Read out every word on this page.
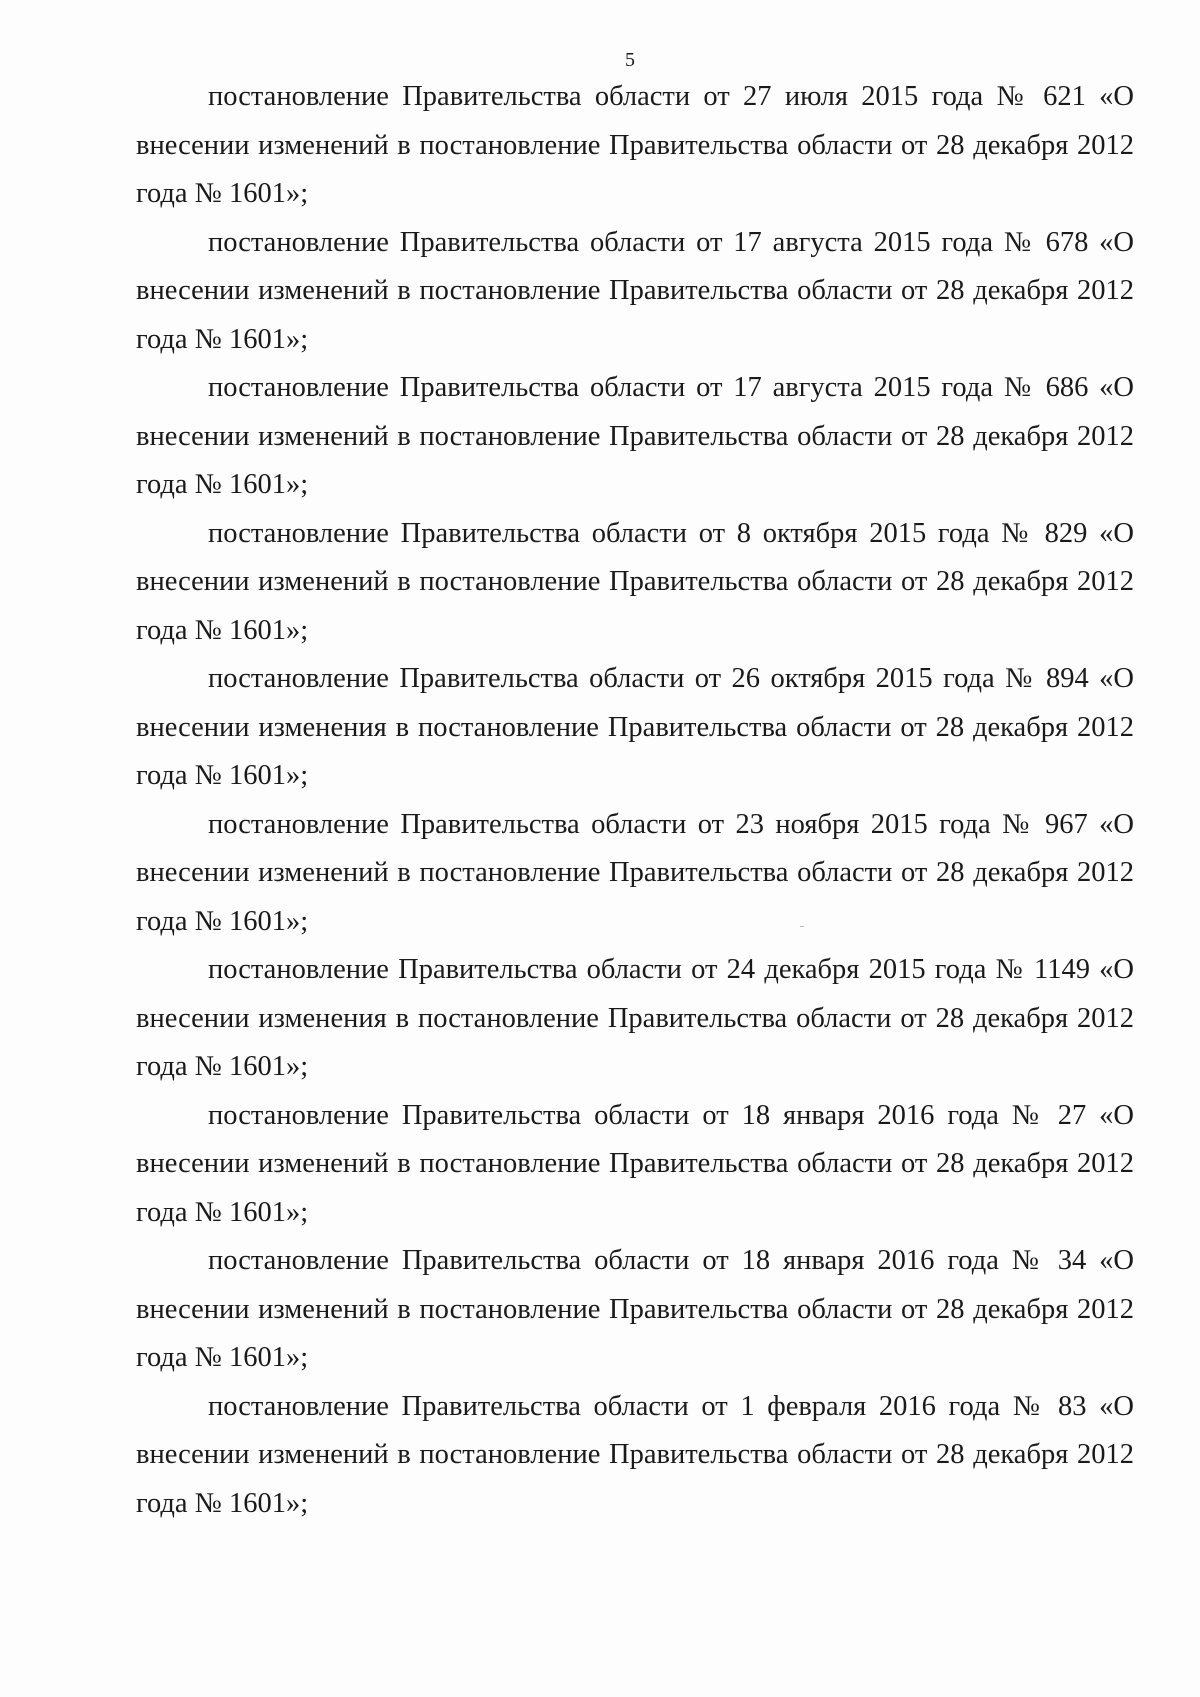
5

постановление Правительства области от 27 июля 2015 года № 621 «О внесении изменений в постановление Правительства области от 28 декабря 2012 года № 1601»;

постановление Правительства области от 17 августа 2015 года № 678 «О внесении изменений в постановление Правительства области от 28 декабря 2012 года № 1601»;

постановление Правительства области от 17 августа 2015 года № 686 «О внесении изменений в постановление Правительства области от 28 декабря 2012 года № 1601»;

постановление Правительства области от 8 октября 2015 года № 829 «О внесении изменений в постановление Правительства области от 28 декабря 2012 года № 1601»;

постановление Правительства области от 26 октября 2015 года № 894 «О внесении изменения в постановление Правительства области от 28 декабря 2012 года № 1601»;

постановление Правительства области от 23 ноября 2015 года № 967 «О внесении изменений в постановление Правительства области от 28 декабря 2012 года № 1601»;

постановление Правительства области от 24 декабря 2015 года № 1149 «О внесении изменения в постановление Правительства области от 28 декабря 2012 года № 1601»;

постановление Правительства области от 18 января 2016 года № 27 «О внесении изменений в постановление Правительства области от 28 декабря 2012 года № 1601»;

постановление Правительства области от 18 января 2016 года № 34 «О внесении изменений в постановление Правительства области от 28 декабря 2012 года № 1601»;

постановление Правительства области от 1 февраля 2016 года № 83 «О внесении изменений в постановление Правительства области от 28 декабря 2012 года № 1601»;
